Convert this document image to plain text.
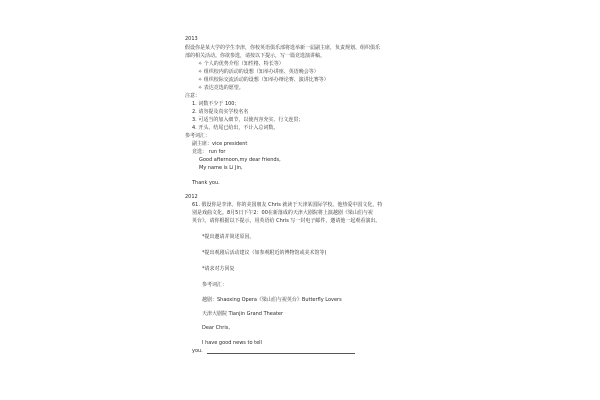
2013
假设你是某大学的学生李津，你校英语俱乐部将选举新一届副主席，负责规划、组织俱乐
部的相关活动。你欲参选，请按以下提示，写一篇竞选演讲稿。
✧ 个人的优势介绍（知性格、特长等）
✧ 组织校内的活动的设想（知举办讲座、英语晚会等）
✧ 组织校际交流活动的设想（知举办辩论赛、演讲比赛等）
✧ 表达竞选的愿望。
注意：
1. 词数不少于 100；
2. 请勿提及真实学校名名
3. 可适当的加入细节，以使内容充实、行文连贯；
4. 开头、结尾已给出，不计入总词数。
参考词汇：
副主席：vice president
竞选： run for
Good afternoon,my dear friends,
My name is Li Jin,
Thank you.
2012
61. 假设你是李津。你的美国朋友 Chris 就读于天津某国际学校。他热爱中国文化，特
别是戏曲文化。8月5日下午2：00在新落成的天津大剧院将上演越剧《梁山伯与祝
英台》。请你根据以下提示，用英语给 Chris 写一封电子邮件，邀请他一起观看演出。
*提出邀请并简述原因。
*提出观剧后活动建议（如参观附近的博物馆或美术馆等)
*请求对方回复
参考词汇：
越剧：Shaoxing Opera《梁山伯与祝英台》Butterfly Lovers
天津大剧院 Tianjin Grand Theater
Dear Chris,
I have good news to tell
you.
